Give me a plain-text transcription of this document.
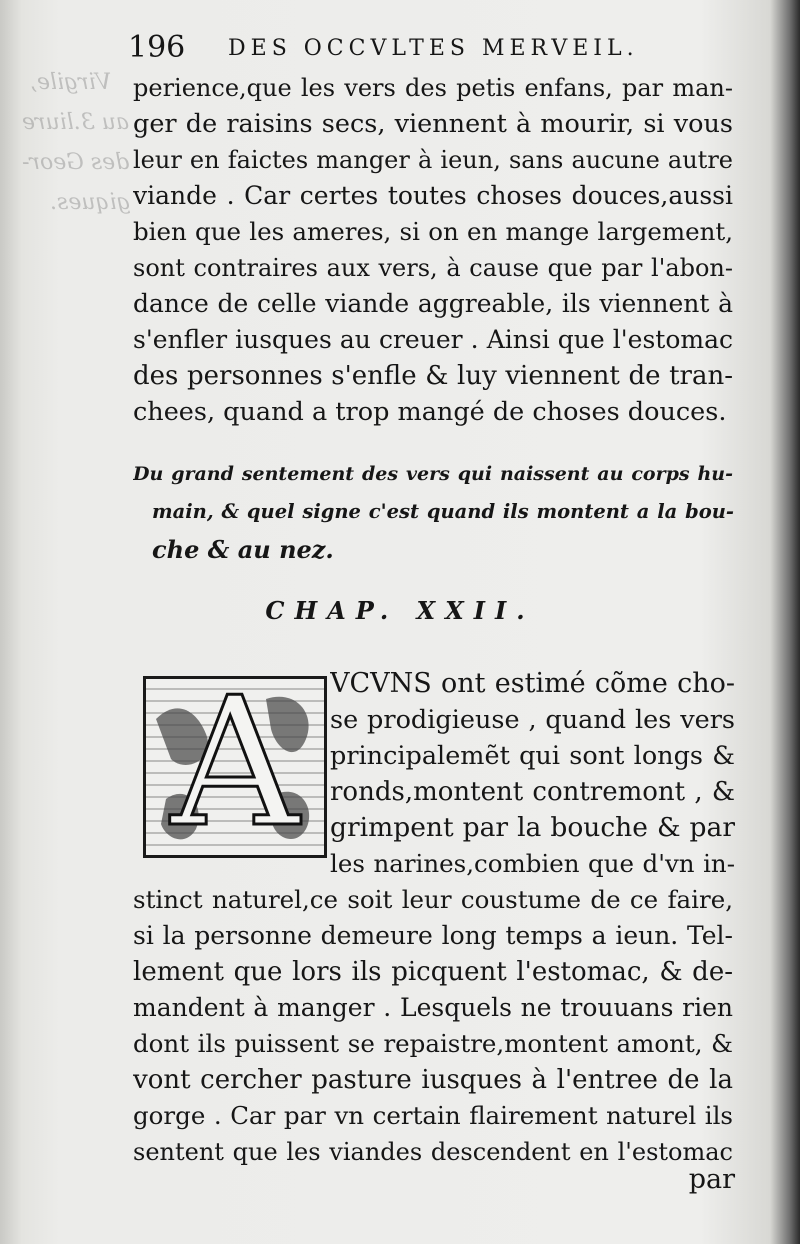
Virgile,
au 3.liure
des Geor-
giques.
196 DES OCCVLTES MERVEIL.
perience,que les vers des petis enfans, par man-
ger de raisins secs, viennent à mourir, si vous
leur en faictes manger à ieun, sans aucune autre
viande . Car certes toutes choses douces,aussi
bien que les ameres, si on en mange largement,
sont contraires aux vers, à cause que par l'abon-
dance de celle viande aggreable, ils viennent à
s'enfler iusques au creuer . Ainsi que l'estomac
des personnes s'enfle & luy viennent de tran-
chees, quand a trop mangé de choses douces.
Du grand sentement des vers qui naissent au corps hu-
main, & quel signe c'est quand ils montent a la bou-
che & au nez.
CHAP. XXII.
A	VCVNS ont estimé cõme cho-
se prodigieuse , quand les vers
principalemẽt qui sont longs &
ronds,montent contremont , &
grimpent par la bouche & par
les narines,combien que d'vn in-
stinct naturel,ce soit leur coustume de ce faire,
si la personne demeure long temps a ieun. Tel-
lement que lors ils picquent l'estomac, & de-
mandent à manger . Lesquels ne trouuans rien
dont ils puissent se repaistre,montent amont, &
vont cercher pasture iusques à l'entree de la
gorge . Car par vn certain flairement naturel ils
sentent que les viandes descendent en l'estomac
par
